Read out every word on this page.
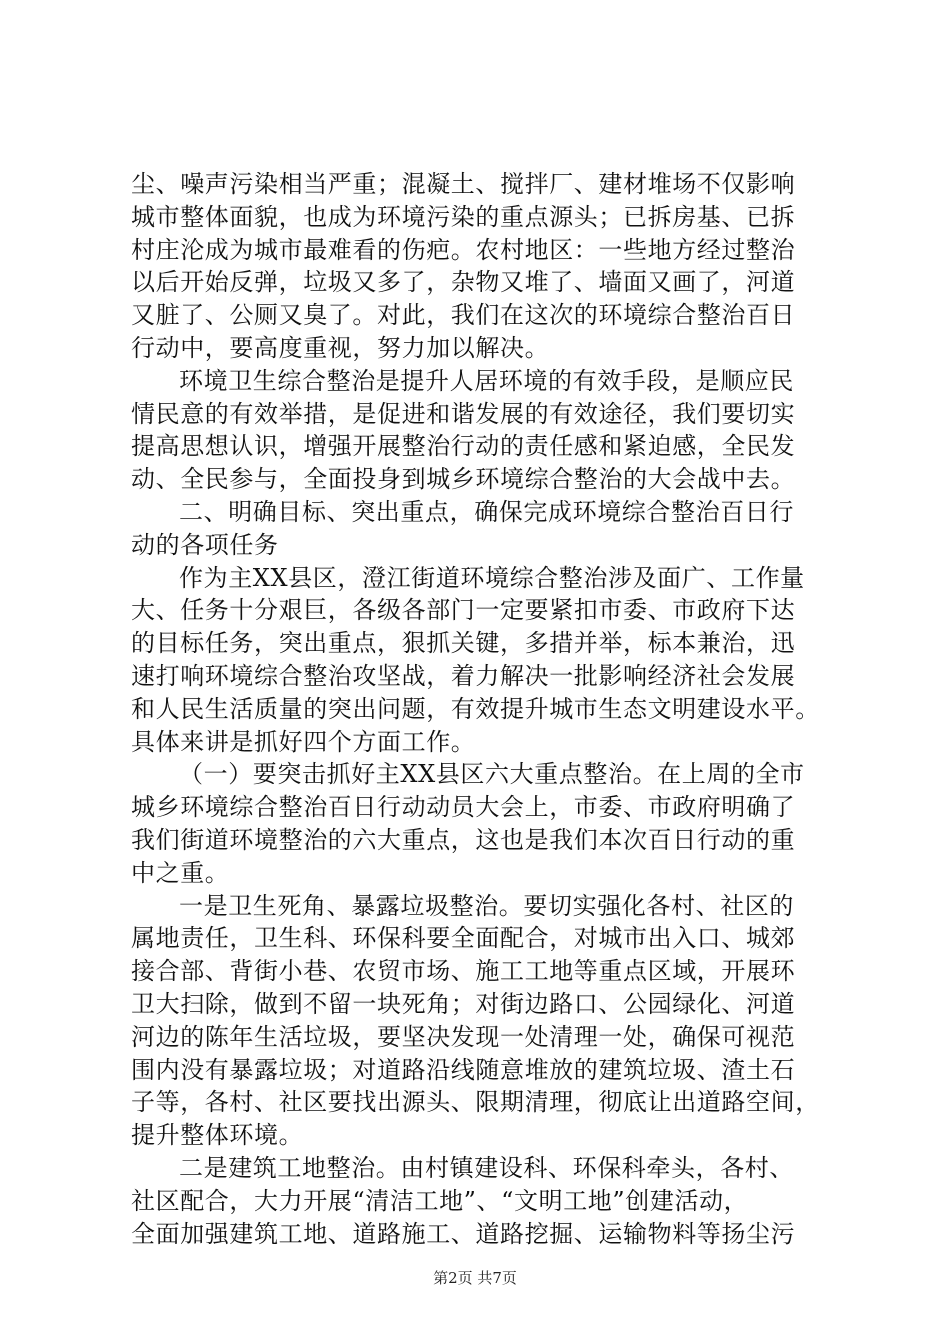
尘、噪声污染相当严重；混凝土、搅拌厂、建材堆场不仅影响
城市整体面貌，也成为环境污染的重点源头；已拆房基、已拆
村庄沦成为城市最难看的伤疤。农村地区：一些地方经过整治
以后开始反弹，垃圾又多了，杂物又堆了、墙面又画了，河道
又脏了、公厕又臭了。对此，我们在这次的环境综合整治百日
行动中，要高度重视，努力加以解决。
环境卫生综合整治是提升人居环境的有效手段，是顺应民
情民意的有效举措，是促进和谐发展的有效途径，我们要切实
提高思想认识，增强开展整治行动的责任感和紧迫感，全民发
动、全民参与，全面投身到城乡环境综合整治的大会战中去。
二、明确目标、突出重点，确保完成环境综合整治百日行
动的各项任务
作为主XX县区，澄江街道环境综合整治涉及面广、工作量
大、任务十分艰巨，各级各部门一定要紧扣市委、市政府下达
的目标任务，突出重点，狠抓关键，多措并举，标本兼治，迅
速打响环境综合整治攻坚战，着力解决一批影响经济社会发展
和人民生活质量的突出问题，有效提升城市生态文明建设水平。
具体来讲是抓好四个方面工作。
（一）要突击抓好主XX县区六大重点整治。在上周的全市
城乡环境综合整治百日行动动员大会上，市委、市政府明确了
我们街道环境整治的六大重点，这也是我们本次百日行动的重
中之重。
一是卫生死角、暴露垃圾整治。要切实强化各村、社区的
属地责任，卫生科、环保科要全面配合，对城市出入口、城郊
接合部、背街小巷、农贸市场、施工工地等重点区域，开展环
卫大扫除，做到不留一块死角；对街边路口、公园绿化、河道
河边的陈年生活垃圾，要坚决发现一处清理一处，确保可视范
围内没有暴露垃圾；对道路沿线随意堆放的建筑垃圾、渣土石
子等，各村、社区要找出源头、限期清理，彻底让出道路空间，
提升整体环境。
二是建筑工地整治。由村镇建设科、环保科牵头，各村、
社区配合，大力开展“清洁工地”、“文明工地”创建活动，
全面加强建筑工地、道路施工、道路挖掘、运输物料等扬尘污
第2页 共7页
